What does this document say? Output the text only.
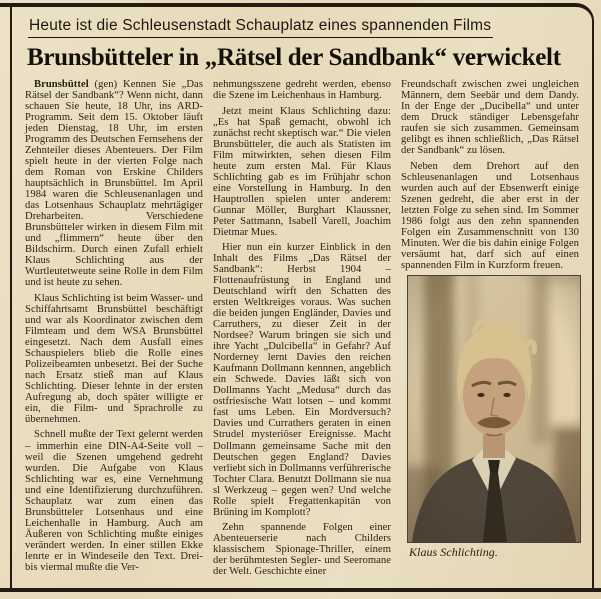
Heute ist die Schleusenstadt Schauplatz eines spannenden Films
Brunsbütteler in „Rätsel der Sandbank“ verwickelt

Brunsbüttel (gen) Kennen Sie „Das Rätsel der Sandbank“? Wenn nicht, dann schauen Sie heute, 18 Uhr, ins ARD-Programm. Seit dem 15. Oktober läuft jeden Dienstag, 18 Uhr, im ersten Programm des Deutschen Fernsehens der Zehnteiler dieses Abenteuers. Der Film spielt heute in der vierten Folge nach dem Roman von Erskine Childers hauptsächlich in Brunsbüttel. Im April 1984 waren die Schleusenanlagen und das Lotsenhaus Schauplatz mehrtägiger Dreharbeiten. Verschiedene Brunsbütteler wirken in diesem Film mit und „flimmern“ heute über den Bildschirm. Durch einen Zufall erhielt Klaus Schlichting aus der Wurtleutetweute seine Rolle in dem Film und ist heute zu sehen.

Klaus Schlichting ist beim Wasser- und Schiffahrtsamt Brunsbüttel beschäftigt und war als Koordinator zwischen dem Filmteam und dem WSA Brunsbüttel eingesetzt. Nach dem Ausfall eines Schauspielers blieb die Rolle eines Polizeibeamten unbesetzt. Bei der Suche nach Ersatz stieß man auf Klaus Schlichting. Dieser lehnte in der ersten Aufregung ab, doch später willigte er ein, die Film- und Sprachrolle zu übernehmen.

Schnell mußte der Text gelernt werden – immerhin eine DIN-A4-Seite voll – weil die Szenen umgehend gedreht wurden. Die Aufgabe von Klaus Schlichting war es, eine Vernehmung und eine Identifizierung durchzuführen. Schauplatz war zum einen das Brunsbütteler Lotsenhaus und eine Leichenhalle in Hamburg. Auch am Äußeren von Schlichting mußte einiges verändert werden. In einer stillen Ekke lenrte er in Windeseile den Text. Drei- bis viermal mußte die Ver-

nehmungsszene gedreht werden, ebenso die Szene im Leichenhaus in Hamburg.

Jetzt meint Klaus Schlichting dazu: „Es hat Spaß gemacht, obwohl ich zunächst recht skeptisch war.“ Die vielen Brunsbütteler, die auch als Statisten im Film mitwirkten, sehen diesen Film heute zum ersten Mal. Für Klaus Schlichting gab es im Frühjahr schon eine Vorstellung in Hamburg. In den Hauptrollen spielen unter anderem: Gunnar Möller, Burghart Klaussner, Peter Sattmann, Isabell Varell, Joachim Dietmar Mues.

Hier nun ein kurzer Einblick in den Inhalt des Films „Das Rätsel der Sandbank“: Herbst 1904 – Flottenaufrüstung in England und Deutschland wirft den Schatten des ersten Weltkreiges voraus. Was suchen die beiden jungen Engländer, Davies und Carruthers, zu dieser Zeit in der Nordsee? Warum bringen sie sich und ihre Yacht „Dulcibella“ in Gefahr? Auf Norderney lernt Davies den reichen Kaufmann Dollmann kennnen, angeblich ein Schwede. Davies läßt sich von Dollmanns Yacht „Medusa“ durch das ostfriesische Watt lotsen – und kommt fast ums Leben. Ein Mordversuch? Davies und Currathers geraten in einen Strudel mysteriöser Ereignisse. Macht Dollmann gemeinsame Sache mit den Deutschen gegen England? Davies verliebt sich in Dollmanns verführerische Tochter Clara. Benutzt Dollmann sie nua sl Werkzeug – gegen wen? Und welche Rolle spielt Fregattenkapitän von Brüning im Komplott?

Zehn spannende Folgen einer Abenteuerserie nach Childers klassischem Spionage-Thriller, einem der berühmtesten Segler- und Seeromane der Welt. Geschichte einer

Freundschaft zwischen zwei ungleichen Männern, dem Seebär und dem Dandy. In der Enge der „Ducibella“ und unter dem Druck ständiger Lebensgefahr raufen sie sich zusammen. Gemeinsam gelibgt es ihnen schließlich, „Das Rätsel der Sandbank“ zu lösen.

Neben dem Drehort auf den Schleusenanlagen und Lotsenhaus wurden auch auf der Ebsenwerft einige Szenen gedreht, die aber erst in der letzten Folge zu sehen sind. Im Sommer 1986 folgt aus den zehn spannenden Folgen ein Zusammenschnitt von 130 Minuten. Wer die bis dahin einige Folgen versäumt hat, darf sich auf einen spannenden Film in Kurzform freuen.

Klaus Schlichting.
